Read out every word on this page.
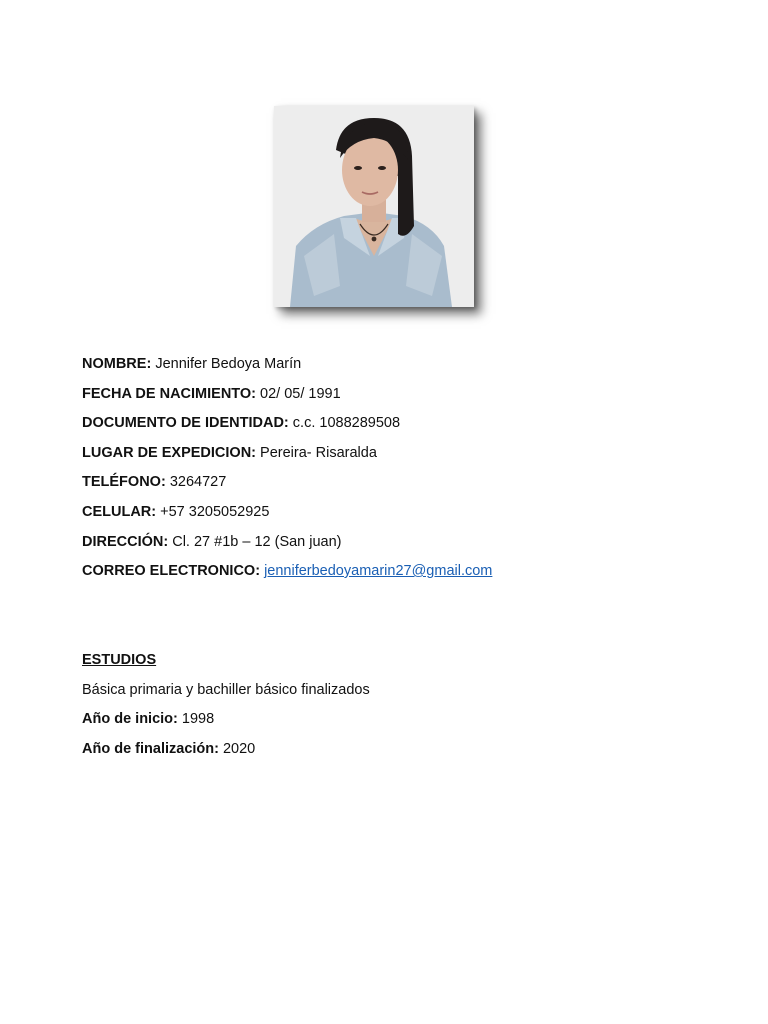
NOMBRE: Jennifer Bedoya Marín
FECHA DE NACIMIENTO: 02/ 05/ 1991
DOCUMENTO DE IDENTIDAD: c.c. 1088289508
LUGAR DE EXPEDICION: Pereira- Risaralda
TELÉFONO: 3264727
CELULAR: +57 3205052925
DIRECCIÓN: Cl. 27 #1b – 12 (San juan)
CORREO ELECTRONICO: jenniferbedoyamarin27@gmail.com
ESTUDIOS
Básica primaria y bachiller básico finalizados
Año de inicio: 1998
Año de finalización: 2020
